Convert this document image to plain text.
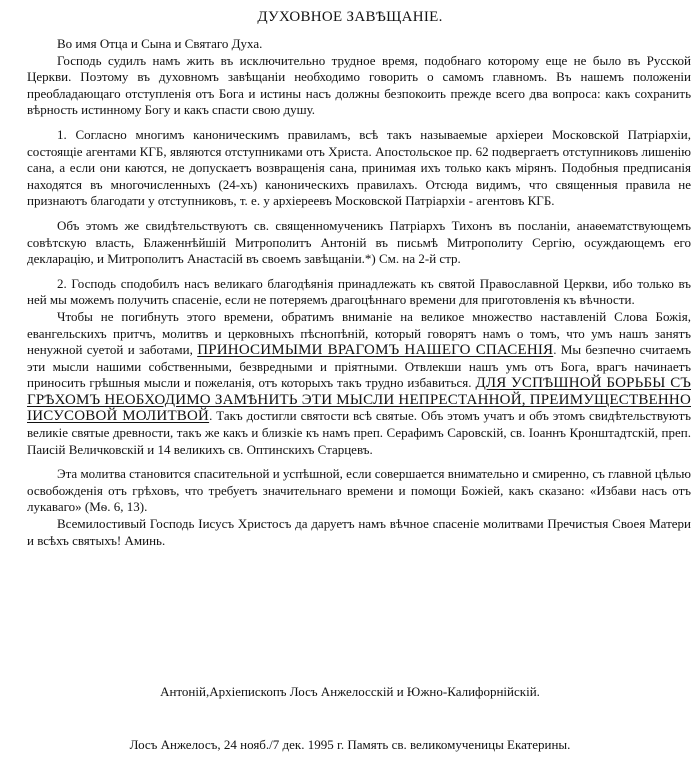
ДУХОВНОЕ ЗАВѢЩАНІЕ.

Во имя Отца и Сына и Святаго Духа.

Господь судилъ намъ жить въ исключительно трудное время, подобнаго которому еще не было въ Русской Церкви. Поэтому въ духовномъ завѣщаніи необходимо говорить о самомъ главномъ. Въ нашемъ положеніи преобладающаго отступленія отъ Бога и истины насъ должны безпокоить прежде всего два вопроса: какъ сохранить вѣрность истинному Богу и какъ спасти свою душу.

1. Согласно многимъ каноническимъ правиламъ, всѣ такъ называемые архіереи Московской Патріархіи, состоящіе агентами КГБ, являются отступниками отъ Христа. Апостольское пр. 62 подвергаетъ отступниковъ лишенію сана, а если они каются, не допускаетъ возвращенія сана, принимая ихъ только какъ мірянъ. Подобныя предписанія находятся въ многочисленныхъ (24-хъ) каноническихъ правилахъ. Отсюда видимъ, что священныя правила не признаютъ благодати у отступниковъ, т. е. у архіереевъ Московской Патріархіи - агентовъ КГБ.

Объ этомъ же свидѣтельствуютъ св. священномученикъ Патріархъ Тихонъ въ посланіи, анаѳематствующемъ совѣтскую власть, Блаженнѣйшій Митрополитъ Антоній въ письмѣ Митрополиту Сергію, осуждающемъ его декларацію, и Митрополитъ Анастасій въ своемъ завѣщаніи.*) См. на 2-й стр.

2. Господь сподобилъ насъ великаго благодѣянія принадлежать къ святой Православной Церкви, ибо только въ ней мы можемъ получить спасеніе, если не потеряемъ драгоцѣннаго времени для приготовленія къ вѣчности.

Чтобы не погибнуть этого времени, обратимъ вниманіе на великое множество наставленій Слова Божія, евангельскихъ притчъ, молитвъ и церковныхъ пѣснопѣній, который говорятъ намъ о томъ, что умъ нашъ занятъ ненужной суетой и заботами, ПРИНОСИМЫМИ ВРАГОМЪ НАШЕГО СПАСЕНІЯ. Мы безпечно считаемъ эти мысли нашими собственными, безвредными и пріятными. Отвлекши нашъ умъ отъ Бога, врагъ начинаетъ приносить грѣшныя мысли и пожеланія, отъ которыхъ такъ трудно избавиться. ДЛЯ УСПѢШНОЙ БОРЬБЫ СЪ ГРѢХОМЪ НЕОБХОДИМО ЗАМѢНИТЬ ЭТИ МЫСЛИ НЕПРЕСТАННОЙ, ПРЕИМУЩЕСТВЕННО ІИСУСОВОЙ МОЛИТВОЙ. Такъ достигли святости всѣ святые. Объ этомъ учатъ и объ этомъ свидѣтельствуютъ великіе святые древности, такъ же какъ и близкіе къ намъ преп. Серафимъ Саровскій, св. Іоаннъ Кронштадтскій, преп. Паисій Величковскій и 14 великихъ св. Оптинскихъ Старцевъ.

Эта молитва становится спасительной и успѣшной, если совершается внимательно и смиренно, съ главной цѣлью освобожденія отъ грѣховъ, что требуетъ значительнаго времени и помощи Божіей, какъ сказано: «Избави насъ отъ лукаваго» (Мѳ. 6, 13).

Всемилостивый Господь Іисусъ Христосъ да даруетъ намъ вѣчное спасеніе молитвами Пречистыя Своея Матери и всѣхъ святыхъ! Аминь.

Антоній,Архіепископъ Лосъ Анжелосскій и Южно-Калифорнійскій.
Лосъ Анжелосъ, 24 нояб./7 дек. 1995 г. Память св. великомученицы Екатерины.
